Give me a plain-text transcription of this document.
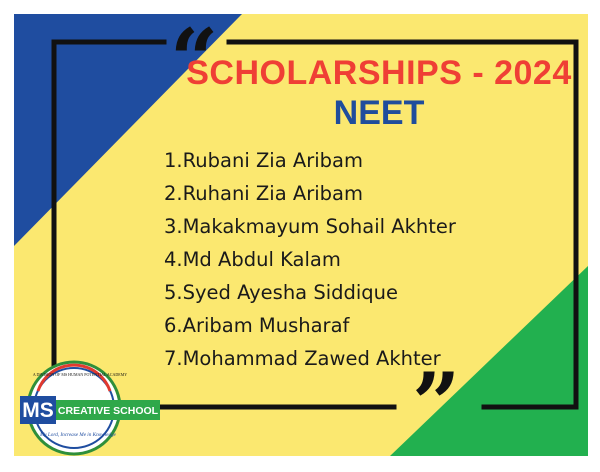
“
”
SCHOLARSHIPS - 2024
NEET
1.Rubani Zia Aribam
2.Ruhani Zia Aribam
3.Makakmayum Sohail Akhter
4.Md Abdul Kalam
5.Syed Ayesha Siddique
6.Aribam Musharaf
7.Mohammad Zawed Akhter
A DIVISION OF MS HUMAN POTENTIAL ACADEMY
MS CREATIVE SCHOOL
My Lord, Increase Me in Knowledge
